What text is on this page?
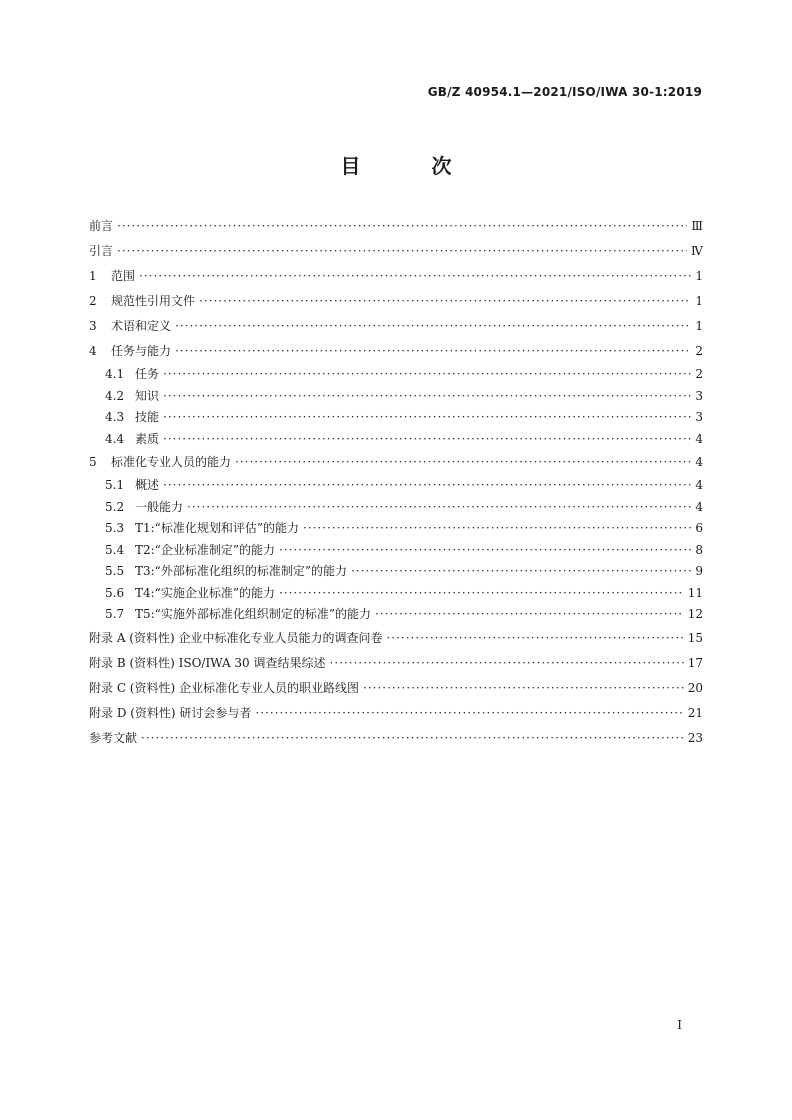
GB/Z 40954.1—2021/ISO/IWA 30-1:2019
目 次
前言 ·····	Ⅲ
引言 ·····	Ⅳ
1	范围 ·····	1
2	规范性引用文件 ·····	1
3	术语和定义 ·····	1
4	任务与能力 ·····	2
4.1 任务 ·····	2
4.2 知识 ·····	3
4.3 技能 ·····	3
4.4 素质 ·····	4
5	标准化专业人员的能力 ·····	4
5.1 概述 ·····	4
5.2 一般能力 ·····	4
5.3 T1:“标准化规划和评估”的能力 ·····	6
5.4 T2:“企业标准制定”的能力 ·····	8
5.5 T3:“外部标准化组织的标准制定”的能力 ·····	9
5.6 T4:“实施企业标准”的能力 ·····	11
5.7 T5:“实施外部标准化组织制定的标准”的能力 ·····	12
附录 A (资料性) 企业中标准化专业人员能力的调查问卷 ·····	15
附录 B (资料性) ISO/IWA 30 调查结果综述 ·····	17
附录 C (资料性) 企业标准化专业人员的职业路线图 ·····	20
附录 D (资料性) 研讨会参与者 ·····	21
参考文献 ·····	23
I
